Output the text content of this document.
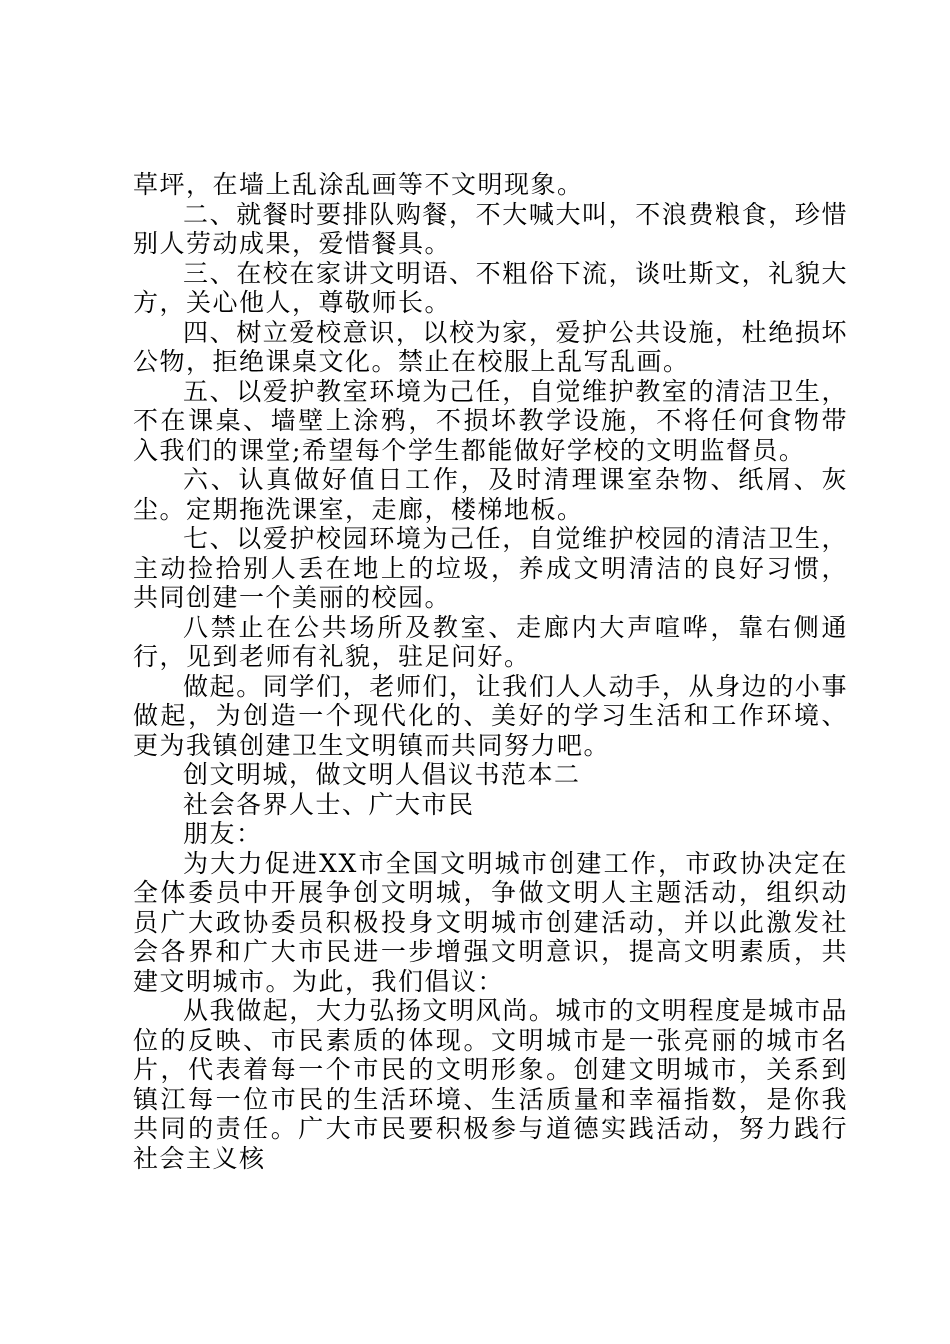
草坪，在墙上乱涂乱画等不文明现象。

二、就餐时要排队购餐，不大喊大叫，不浪费粮食，珍惜别人劳动成果，爱惜餐具。

三、在校在家讲文明语、不粗俗下流，谈吐斯文，礼貌大方，关心他人，尊敬师长。

四、树立爱校意识，以校为家，爱护公共设施，杜绝损坏公物，拒绝课桌文化。禁止在校服上乱写乱画。

五、以爱护教室环境为己任，自觉维护教室的清洁卫生，不在课桌、墙壁上涂鸦，不损坏教学设施，不将任何食物带入我们的课堂;希望每个学生都能做好学校的文明监督员。

六、认真做好值日工作，及时清理课室杂物、纸屑、灰尘。定期拖洗课室，走廊，楼梯地板。

七、以爱护校园环境为己任，自觉维护校园的清洁卫生，主动捡拾别人丢在地上的垃圾，养成文明清洁的良好习惯，共同创建一个美丽的校园。

八禁止在公共场所及教室、走廊内大声喧哗，靠右侧通行，见到老师有礼貌，驻足问好。

做起。同学们，老师们，让我们人人动手，从身边的小事做起，为创造一个现代化的、美好的学习生活和工作环境、更为我镇创建卫生文明镇而共同努力吧。

创文明城，做文明人倡议书范本二

社会各界人士、广大市民

朋友：

为大力促进XX市全国文明城市创建工作，市政协决定在全体委员中开展争创文明城，争做文明人主题活动，组织动员广大政协委员积极投身文明城市创建活动，并以此激发社会各界和广大市民进一步增强文明意识，提高文明素质，共建文明城市。为此，我们倡议：

从我做起，大力弘扬文明风尚。城市的文明程度是城市品位的反映、市民素质的体现。文明城市是一张亮丽的城市名片，代表着每一个市民的文明形象。创建文明城市，关系到镇江每一位市民的生活环境、生活质量和幸福指数，是你我共同的责任。广大市民要积极参与道德实践活动，努力践行社会主义核
